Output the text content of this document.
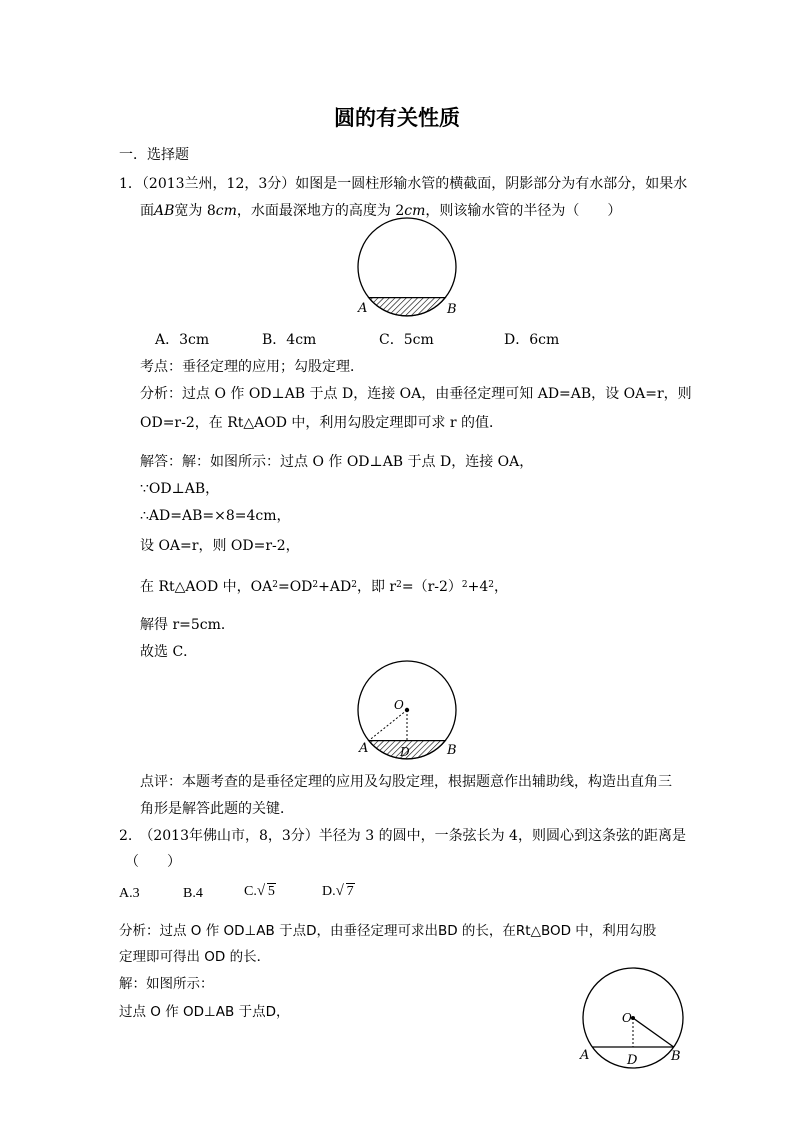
圆的有关性质
一．选择题
1．（2013兰州，12，3分）如图是一圆柱形输水管的横截面，阴影部分为有水部分，如果水
面AB宽为 8cm，水面最深地方的高度为 2cm，则该输水管的半径为（　　）
A	B
A．3cm	B．4cm	C．5cm	D．6cm
考点：垂径定理的应用；勾股定理．
分析：过点 O 作 OD⊥AB 于点 D，连接 OA，由垂径定理可知 AD=AB，设 OA=r，则
OD=r-2，在 Rt△AOD 中，利用勾股定理即可求 r 的值．
解答：解：如图所示：过点 O 作 OD⊥AB 于点 D，连接 OA，
∵OD⊥AB，
∴AD=AB=×8=4cm，
设 OA=r，则 OD=r-2，
在 Rt△AOD 中，$OA^2=OD^2+AD^2$，即 $r^2=(r-2)^2+4^2$，
解得 r=5cm．
故选 C．
O
A	D	B
点评：本题考查的是垂径定理的应用及勾股定理，根据题意作出辅助线，构造出直角三
角形是解答此题的关键．
2.　（2013年佛山市，8，3分）半径为 3 的圆中，一条弦长为 4，则圆心到这条弦的距离是
（　　）
A.3	B.4	C. √ 5	D. √ 7
分析：过点 O 作 OD⊥AB 于点D，由垂径定理可求出BD 的长，在Rt△BOD 中，利用勾股
定理即可得出 OD 的长．
解：如图所示：
过点 O 作 OD⊥AB 于点D，	O
A	D	B
